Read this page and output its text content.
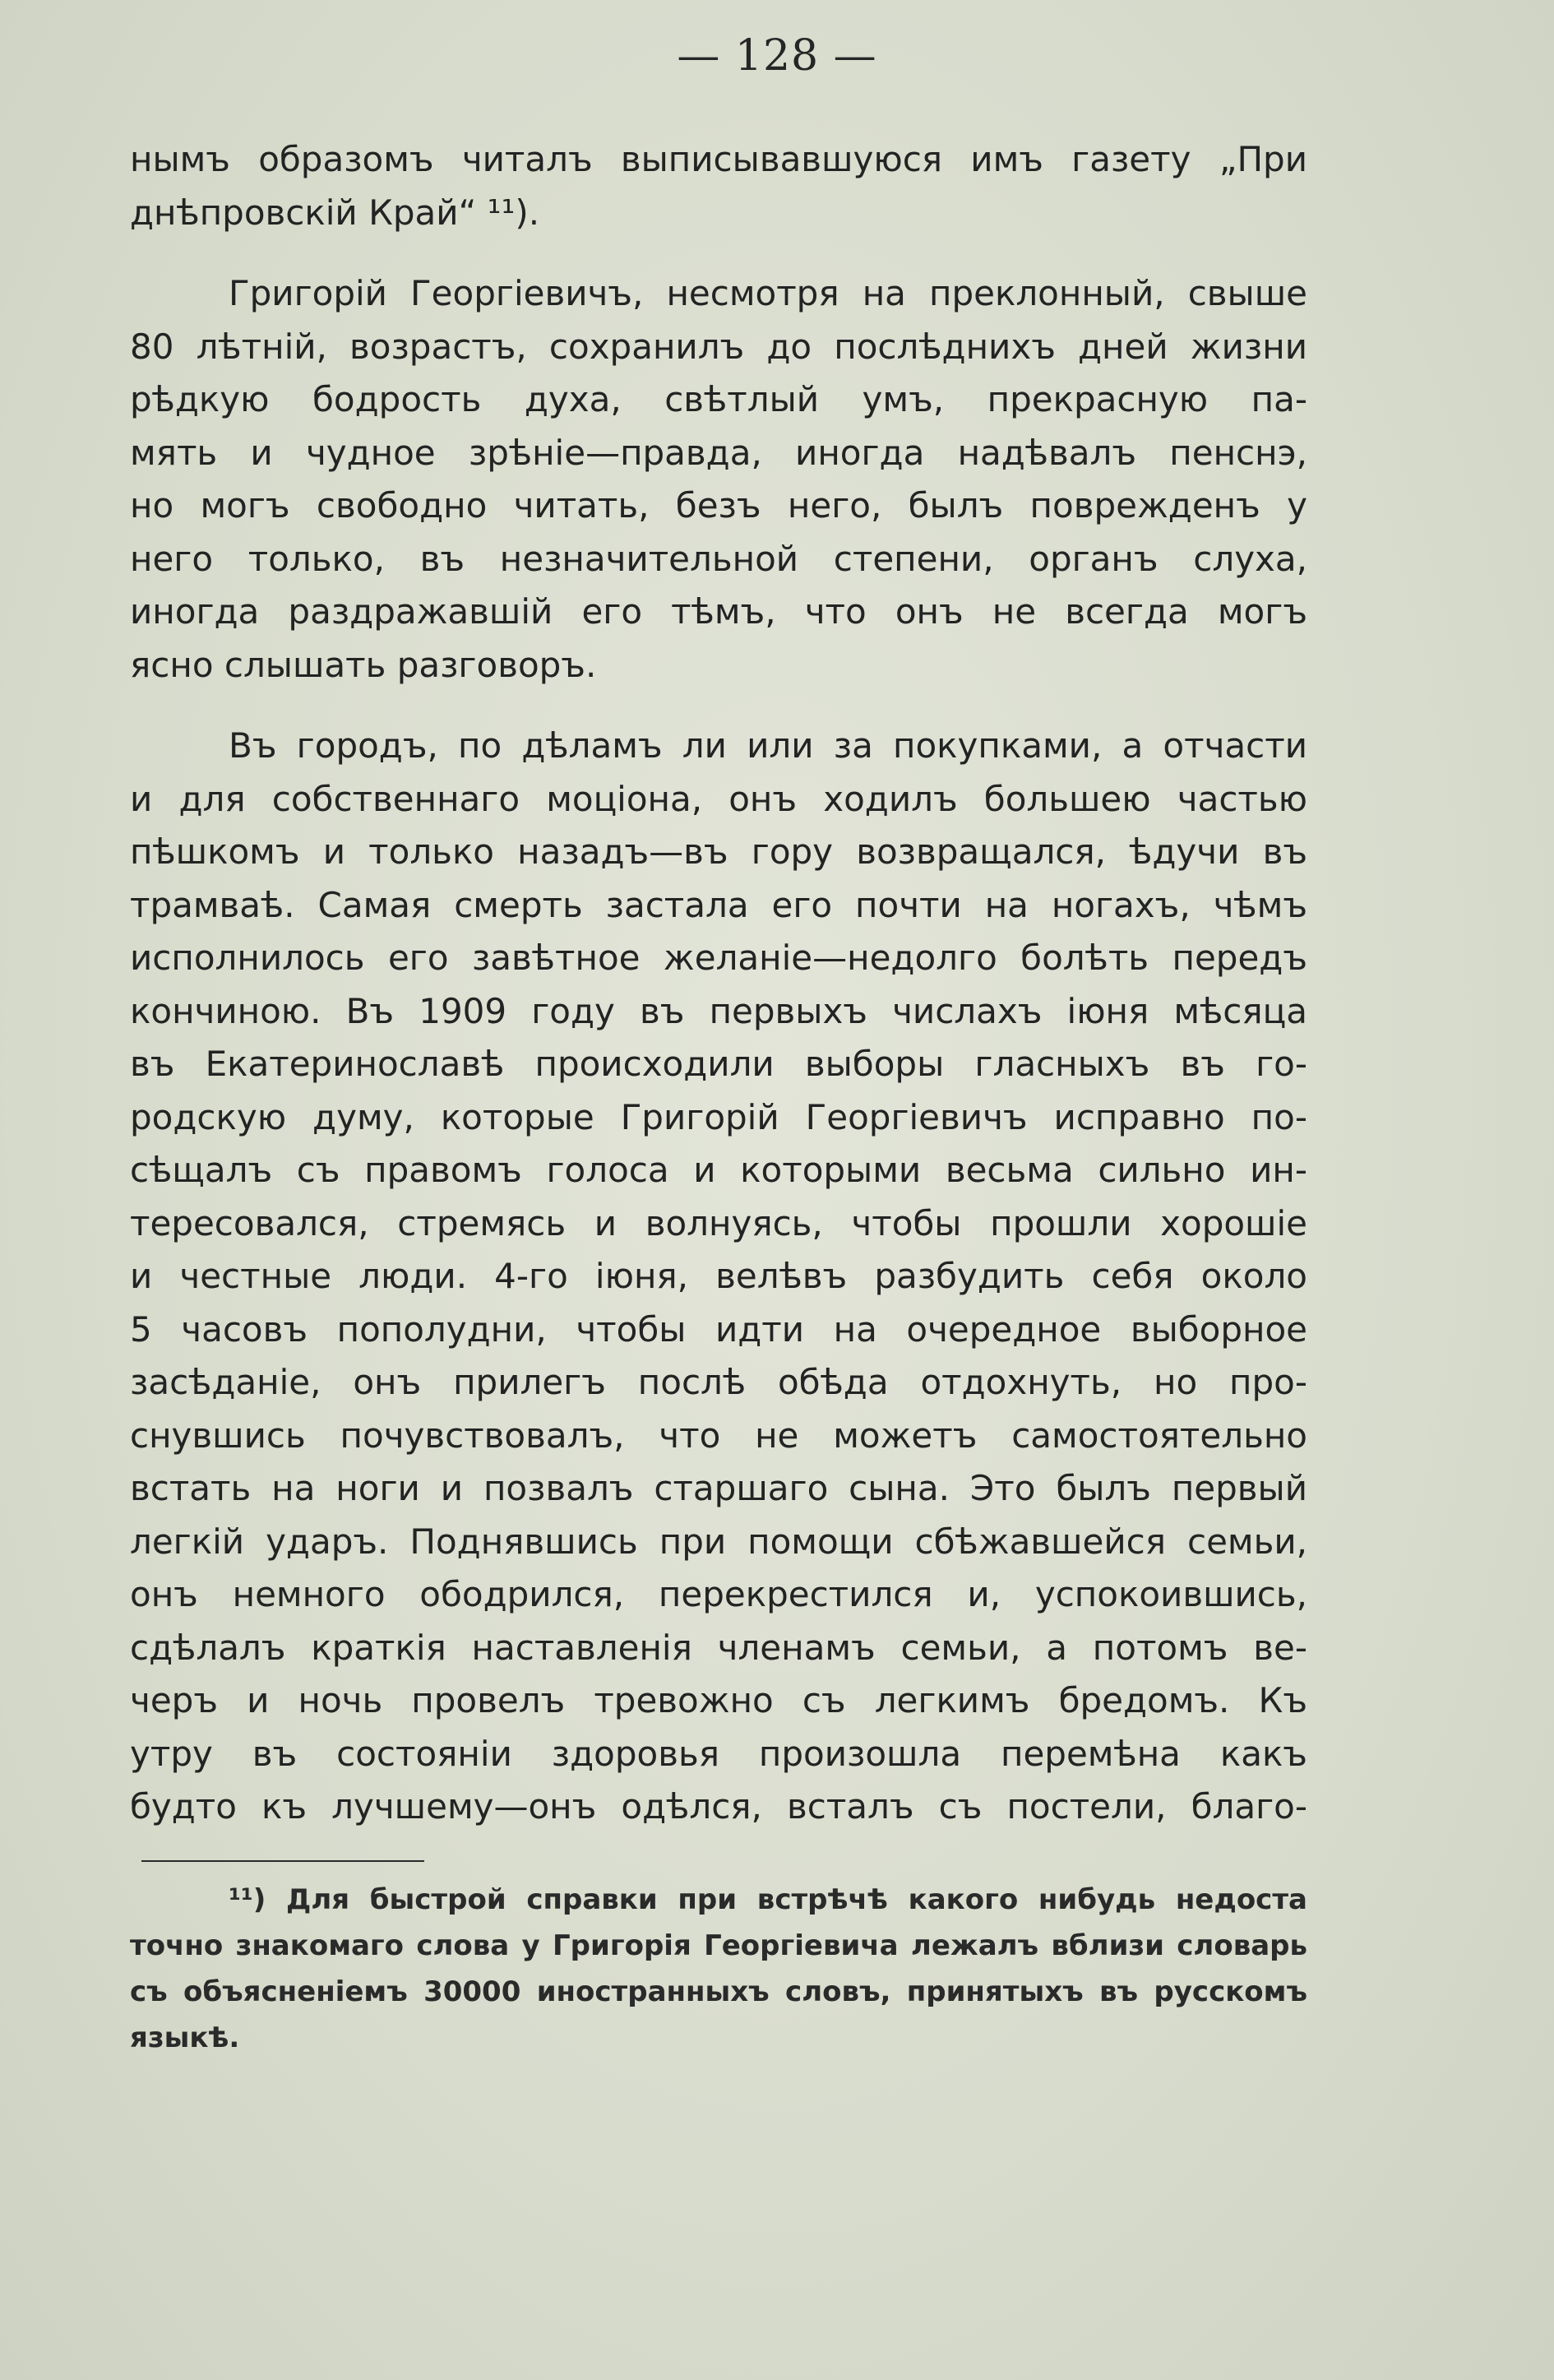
— 128 —
нымъ образомъ читалъ выписывавшуюся имъ газету „При
днѣпровскій Край“ ¹¹).
Григорій Георгіевичъ, несмотря на преклонный, свыше
80 лѣтній, возрастъ, сохранилъ до послѣднихъ дней жизни
рѣдкую бодрость духа, свѣтлый умъ, прекрасную па-
мять и чудное зрѣніе—правда, иногда надѣвалъ пенснэ,
но могъ свободно читать, безъ него, былъ поврежденъ у
него только, въ незначительной степени, органъ слуха,
иногда раздражавшій его тѣмъ, что онъ не всегда могъ
ясно слышать разговоръ.
Въ городъ, по дѣламъ ли или за покупками, а отчасти
и для собственнаго моціона, онъ ходилъ большею частью
пѣшкомъ и только назадъ—въ гору возвращался, ѣдучи въ
трамваѣ. Самая смерть застала его почти на ногахъ, чѣмъ
исполнилось его завѣтное желаніе—недолго болѣть передъ
кончиною. Въ 1909 году въ первыхъ числахъ іюня мѣсяца
въ Екатеринославѣ происходили выборы гласныхъ въ го-
родскую думу, которые Григорій Георгіевичъ исправно по-
сѣщалъ съ правомъ голоса и которыми весьма сильно ин-
тересовался, стремясь и волнуясь, чтобы прошли хорошіе
и честные люди. 4-го іюня, велѣвъ разбудить себя около
5 часовъ пополудни, чтобы идти на очередное выборное
засѣданіе, онъ прилегъ послѣ обѣда отдохнуть, но про-
снувшись почувствовалъ, что не можетъ самостоятельно
встать на ноги и позвалъ старшаго сына. Это былъ первый
легкій ударъ. Поднявшись при помощи сбѣжавшейся семьи,
онъ немного ободрился, перекрестился и, успокоившись,
сдѣлалъ краткія наставленія членамъ семьи, а потомъ ве-
черъ и ночь провелъ тревожно съ легкимъ бредомъ. Къ
утру въ состояніи здоровья произошла перемѣна какъ
будто къ лучшему—онъ одѣлся, всталъ съ постели, благо-
¹¹) Для быстрой справки при встрѣчѣ какого нибудь недоста
точно знакомаго слова у Григорія Георгіевича лежалъ вблизи словарь
съ объясненіемъ 30000 иностранныхъ словъ, принятыхъ въ русскомъ
языкѣ.
